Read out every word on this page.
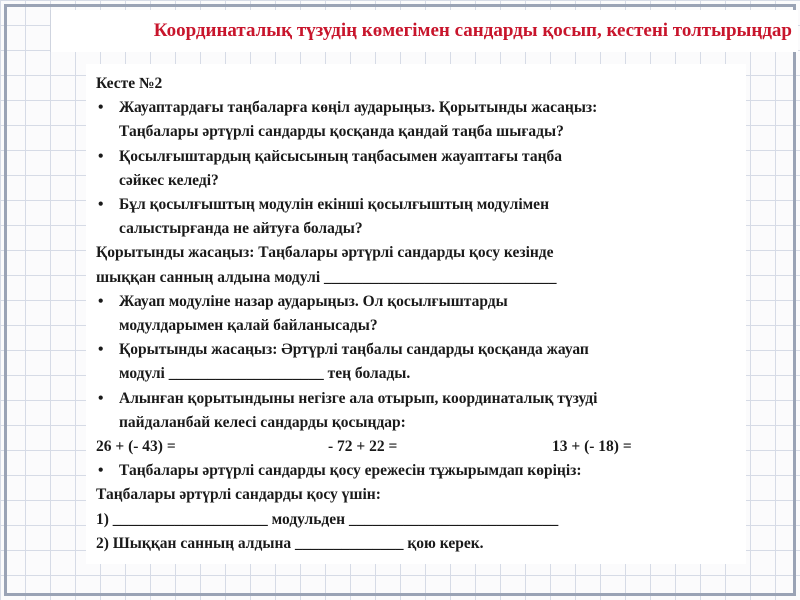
Координаталық түзудің көмегімен сандарды қосып, кестені толтырыңдар
Кесте №2
• Жауаптардағы таңбаларға көңіл аударыңыз. Қорытынды жасаңыз:
Таңбалары әртүрлі сандарды қосқанда қандай таңба шығады?
• Қосылғыштардың қайсысының таңбасымен жауаптағы таңба
сәйкес келеді?
• Бұл қосылғыштың модулін екінші қосылғыштың модулімен
салыстырғанда не айтуға болады?
Қорытынды жасаңыз: Таңбалары әртүрлі сандарды қосу кезінде
шыққан санның алдына модулі ______________________________
• Жауап модуліне назар аударыңыз. Ол қосылғыштарды
модулдарымен қалай байланысады?
• Қорытынды жасаңыз: Әртүрлі таңбалы сандарды қосқанда жауап
модулі ____________________ тең болады.
• Алынған қорытындыны негізге ала отырып, координаталық түзуді
пайдаланбай келесі сандарды қосыңдар:
26 + (- 43) =	- 72 + 22 =	13 + (- 18) =
• Таңбалары әртүрлі сандарды қосу ережесін тұжырымдап көріңіз:
Таңбалары әртүрлі сандарды қосу үшін:
1) ____________________ модульден ___________________________
2) Шыққан санның алдына ______________ қою керек.
